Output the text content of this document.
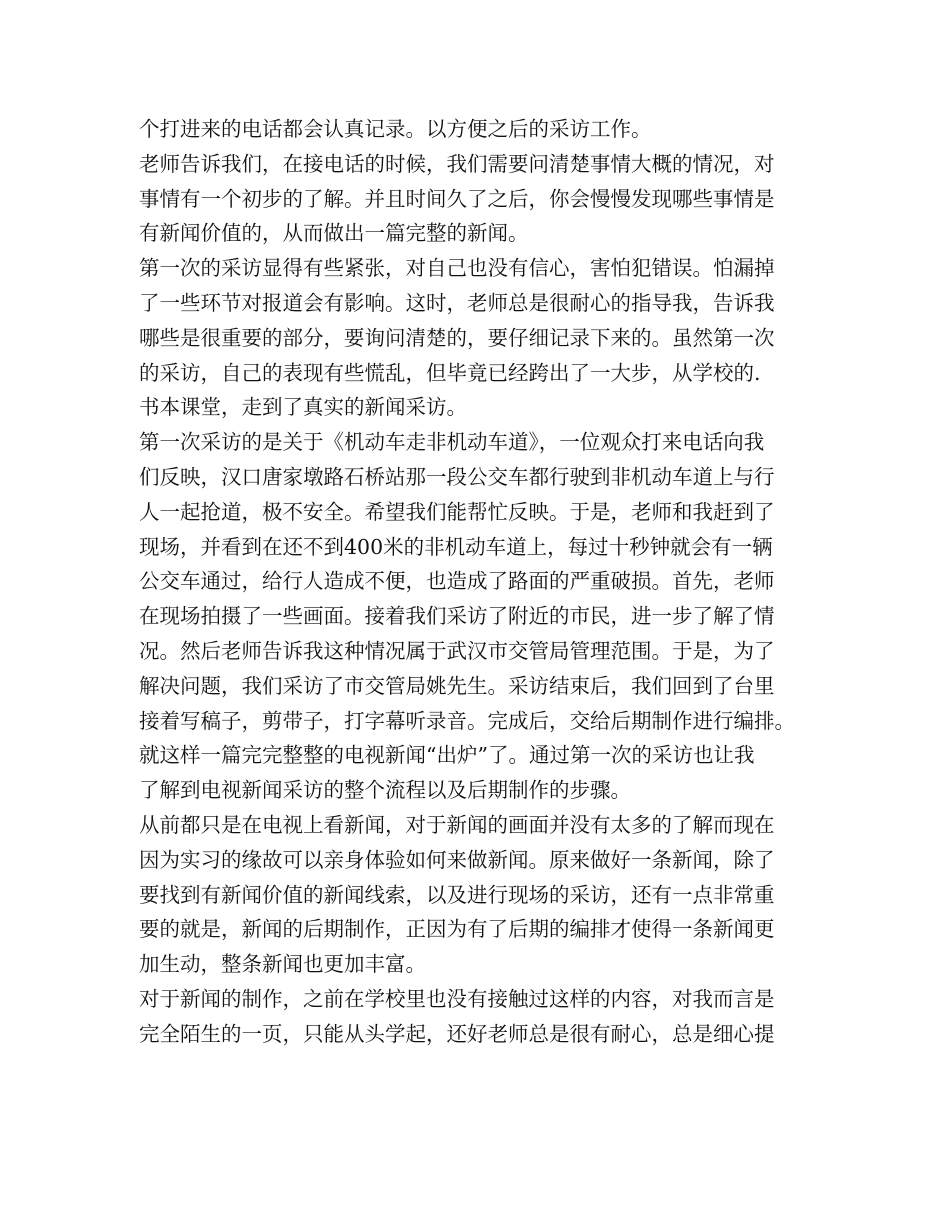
个打进来的电话都会认真记录。以方便之后的采访工作。
老师告诉我们，在接电话的时候，我们需要问清楚事情大概的情况，对
事情有一个初步的了解。并且时间久了之后，你会慢慢发现哪些事情是
有新闻价值的，从而做出一篇完整的新闻。
第一次的采访显得有些紧张，对自己也没有信心，害怕犯错误。怕漏掉
了一些环节对报道会有影响。这时，老师总是很耐心的指导我，告诉我
哪些是很重要的部分，要询问清楚的，要仔细记录下来的。虽然第一次
的采访，自己的表现有些慌乱，但毕竟已经跨出了一大步，从学校的.
书本课堂，走到了真实的新闻采访。
第一次采访的是关于《机动车走非机动车道》，一位观众打来电话向我
们反映，汉口唐家墩路石桥站那一段公交车都行驶到非机动车道上与行
人一起抢道，极不安全。希望我们能帮忙反映。于是，老师和我赶到了
现场，并看到在还不到400米的非机动车道上，每过十秒钟就会有一辆
公交车通过，给行人造成不便，也造成了路面的严重破损。首先，老师
在现场拍摄了一些画面。接着我们采访了附近的市民，进一步了解了情
况。然后老师告诉我这种情况属于武汉市交管局管理范围。于是，为了
解决问题，我们采访了市交管局姚先生。采访结束后，我们回到了台里
接着写稿子，剪带子，打字幕听录音。完成后，交给后期制作进行编排。
就这样一篇完完整整的电视新闻“出炉”了。通过第一次的采访也让我
了解到电视新闻采访的整个流程以及后期制作的步骤。
从前都只是在电视上看新闻，对于新闻的画面并没有太多的了解而现在
因为实习的缘故可以亲身体验如何来做新闻。原来做好一条新闻，除了
要找到有新闻价值的新闻线索，以及进行现场的采访，还有一点非常重
要的就是，新闻的后期制作，正因为有了后期的编排才使得一条新闻更
加生动，整条新闻也更加丰富。
对于新闻的制作，之前在学校里也没有接触过这样的内容，对我而言是
完全陌生的一页，只能从头学起，还好老师总是很有耐心，总是细心提
